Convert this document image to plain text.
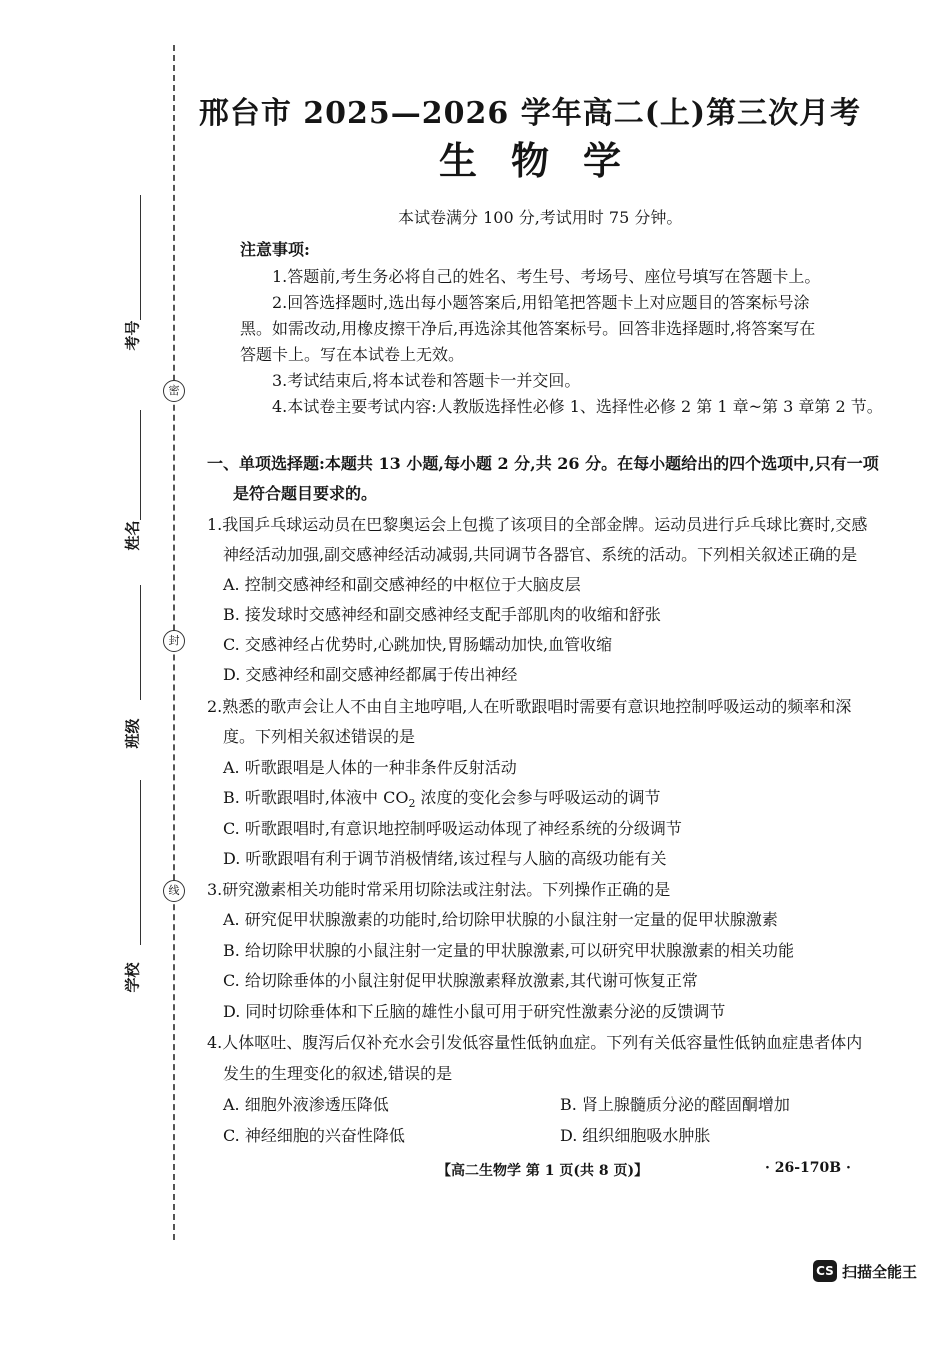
考号
姓名
班级
学校
密
封
线
邢台市 2025—2026 学年高二(上)第三次月考
生物学
本试卷满分 100 分,考试用时 75 分钟。
注意事项:
1.答题前,考生务必将自己的姓名、考生号、考场号、座位号填写在答题卡上。
2.回答选择题时,选出每小题答案后,用铅笔把答题卡上对应题目的答案标号涂
黑。如需改动,用橡皮擦干净后,再选涂其他答案标号。回答非选择题时,将答案写在
答题卡上。写在本试卷上无效。
3.考试结束后,将本试卷和答题卡一并交回。
4.本试卷主要考试内容:人教版选择性必修 1、选择性必修 2 第 1 章~第 3 章第 2 节。
一、单项选择题:本题共 13 小题,每小题 2 分,共 26 分。在每小题给出的四个选项中,只有一项
是符合题目要求的。
1.我国乒乓球运动员在巴黎奥运会上包揽了该项目的全部金牌。运动员进行乒乓球比赛时,交感
神经活动加强,副交感神经活动减弱,共同调节各器官、系统的活动。下列相关叙述正确的是
A. 控制交感神经和副交感神经的中枢位于大脑皮层
B. 接发球时交感神经和副交感神经支配手部肌肉的收缩和舒张
C. 交感神经占优势时,心跳加快,胃肠蠕动加快,血管收缩
D. 交感神经和副交感神经都属于传出神经
2.熟悉的歌声会让人不由自主地哼唱,人在听歌跟唱时需要有意识地控制呼吸运动的频率和深
度。下列相关叙述错误的是
A. 听歌跟唱是人体的一种非条件反射活动
B. 听歌跟唱时,体液中 $CO_2$ 浓度的变化会参与呼吸运动的调节
C. 听歌跟唱时,有意识地控制呼吸运动体现了神经系统的分级调节
D. 听歌跟唱有利于调节消极情绪,该过程与人脑的高级功能有关
3.研究激素相关功能时常采用切除法或注射法。下列操作正确的是
A. 研究促甲状腺激素的功能时,给切除甲状腺的小鼠注射一定量的促甲状腺激素
B. 给切除甲状腺的小鼠注射一定量的甲状腺激素,可以研究甲状腺激素的相关功能
C. 给切除垂体的小鼠注射促甲状腺激素释放激素,其代谢可恢复正常
D. 同时切除垂体和下丘脑的雄性小鼠可用于研究性激素分泌的反馈调节
4.人体呕吐、腹泻后仅补充水会引发低容量性低钠血症。下列有关低容量性低钠血症患者体内
发生的生理变化的叙述,错误的是
A. 细胞外液渗透压降低	B. 肾上腺髓质分泌的醛固酮增加
C. 神经细胞的兴奋性降低	D. 组织细胞吸水肿胀
【高二生物学 第 1 页(共 8 页)】	· 26-170B ·
CS 扫描全能王
